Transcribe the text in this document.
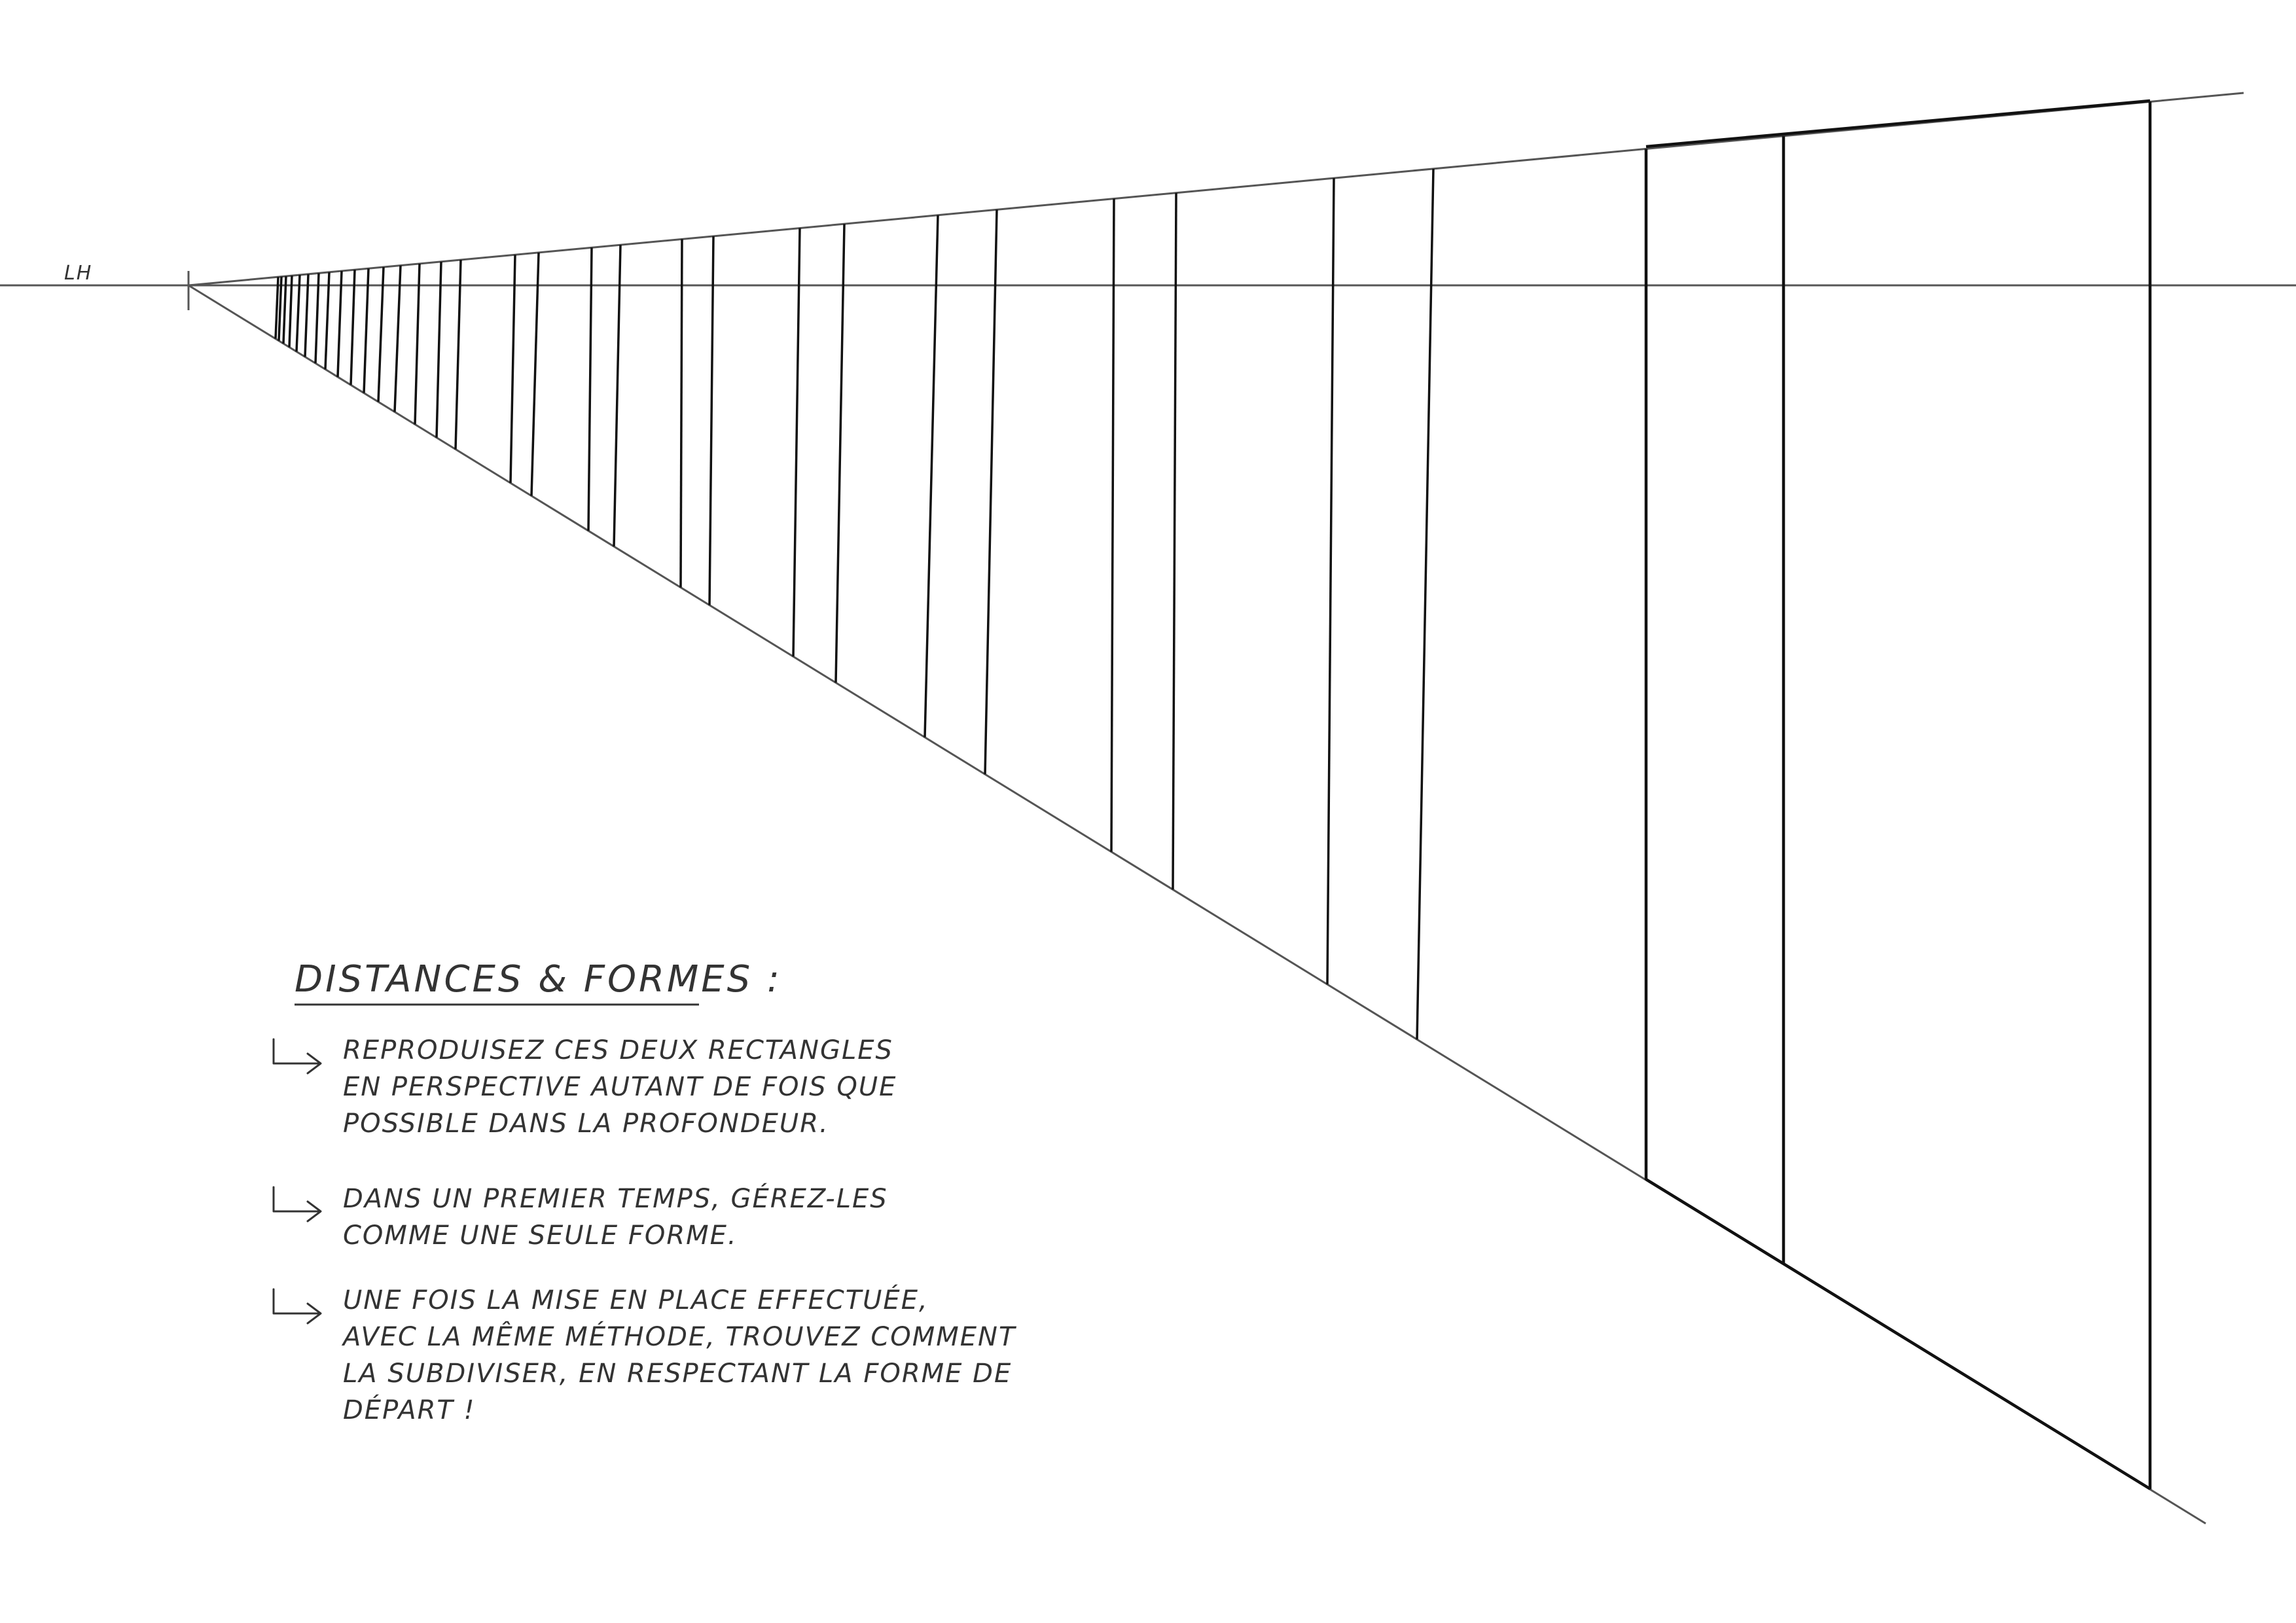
LH
DISTANCES & FORMES :
REPRODUISEZ CES DEUX RECTANGLES EN PERSPECTIVE AUTANT DE FOIS QUE POSSIBLE DANS LA PROFONDEUR.
DANS UN PREMIER TEMPS, GÉREZ-LES COMME UNE SEULE FORME.
UNE FOIS LA MISE EN PLACE EFFECTUÉE, AVEC LA MÊME MÉTHODE, TROUVEZ COMMENT LA SUBDIVISER, EN RESPECTANT LA FORME DE DÉPART !
